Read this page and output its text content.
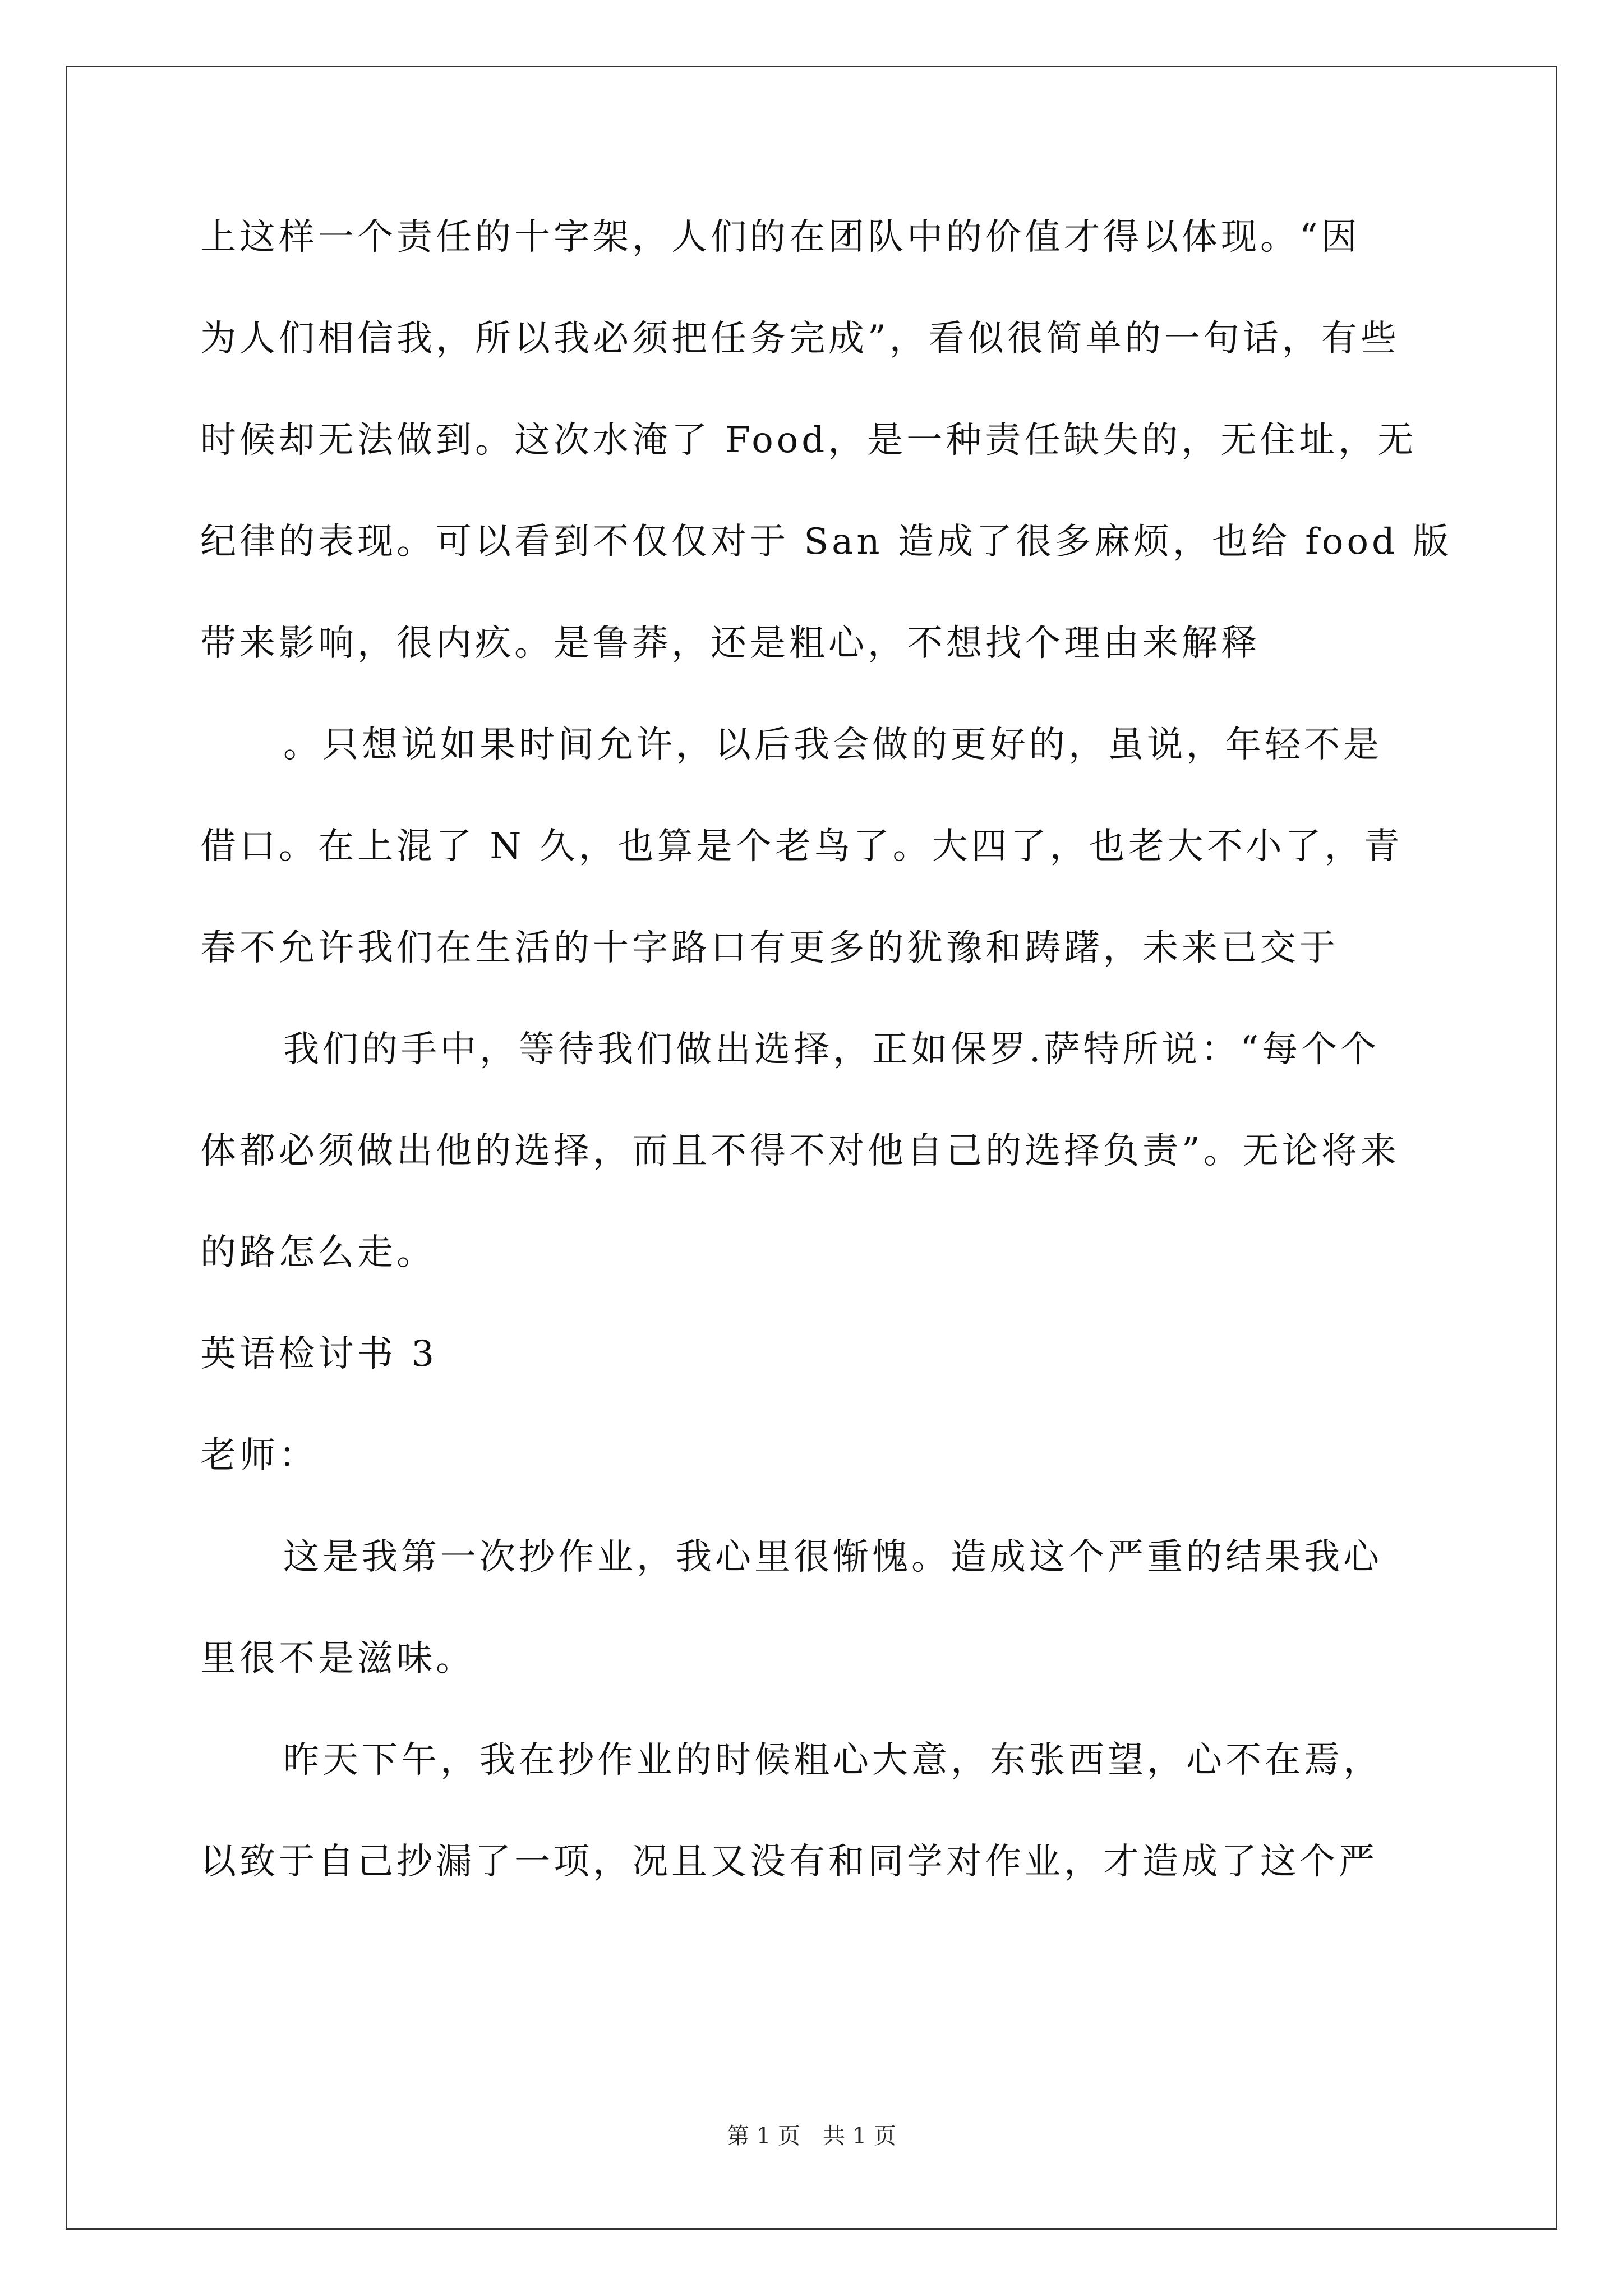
上这样一个责任的十字架，人们的在团队中的价值才得以体现。“因
为人们相信我，所以我必须把任务完成”，看似很简单的一句话，有些
时候却无法做到。这次水淹了 Food，是一种责任缺失的，无住址，无
纪律的表现。可以看到不仅仅对于 San 造成了很多麻烦，也给 food 版
带来影响，很内疚。是鲁莽，还是粗心，不想找个理由来解释
。只想说如果时间允许，以后我会做的更好的，虽说，年轻不是
借口。在上混了 N 久，也算是个老鸟了。大四了，也老大不小了，青
春不允许我们在生活的十字路口有更多的犹豫和踌躇，未来已交于
我们的手中，等待我们做出选择，正如保罗.萨特所说：“每个个
体都必须做出他的选择，而且不得不对他自己的选择负责”。无论将来
的路怎么走。
英语检讨书 3
老师：
这是我第一次抄作业，我心里很惭愧。造成这个严重的结果我心
里很不是滋味。
昨天下午，我在抄作业的时候粗心大意，东张西望，心不在焉，
以致于自己抄漏了一项，况且又没有和同学对作业，才造成了这个严
第 1 页　共 1 页
